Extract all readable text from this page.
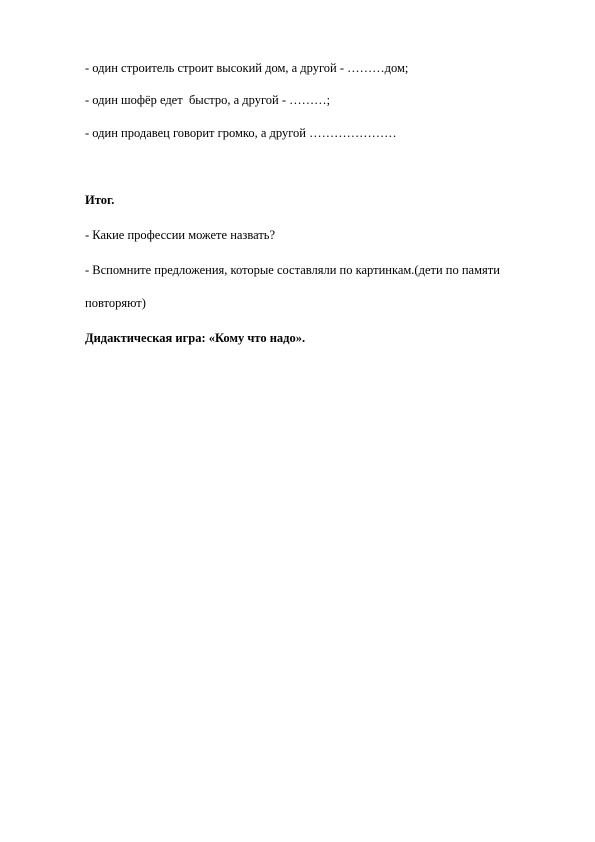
- один строитель строит высокий дом, а другой - ………дом;
- один шофёр едет  быстро, а другой - ………;
- один продавец говорит громко, а другой …………………
Итог.
- Какие профессии можете назвать?
- Вспомните предложения, которые составляли по картинкам.(дети по памяти
повторяют)
Дидактическая игра: «Кому что надо».
